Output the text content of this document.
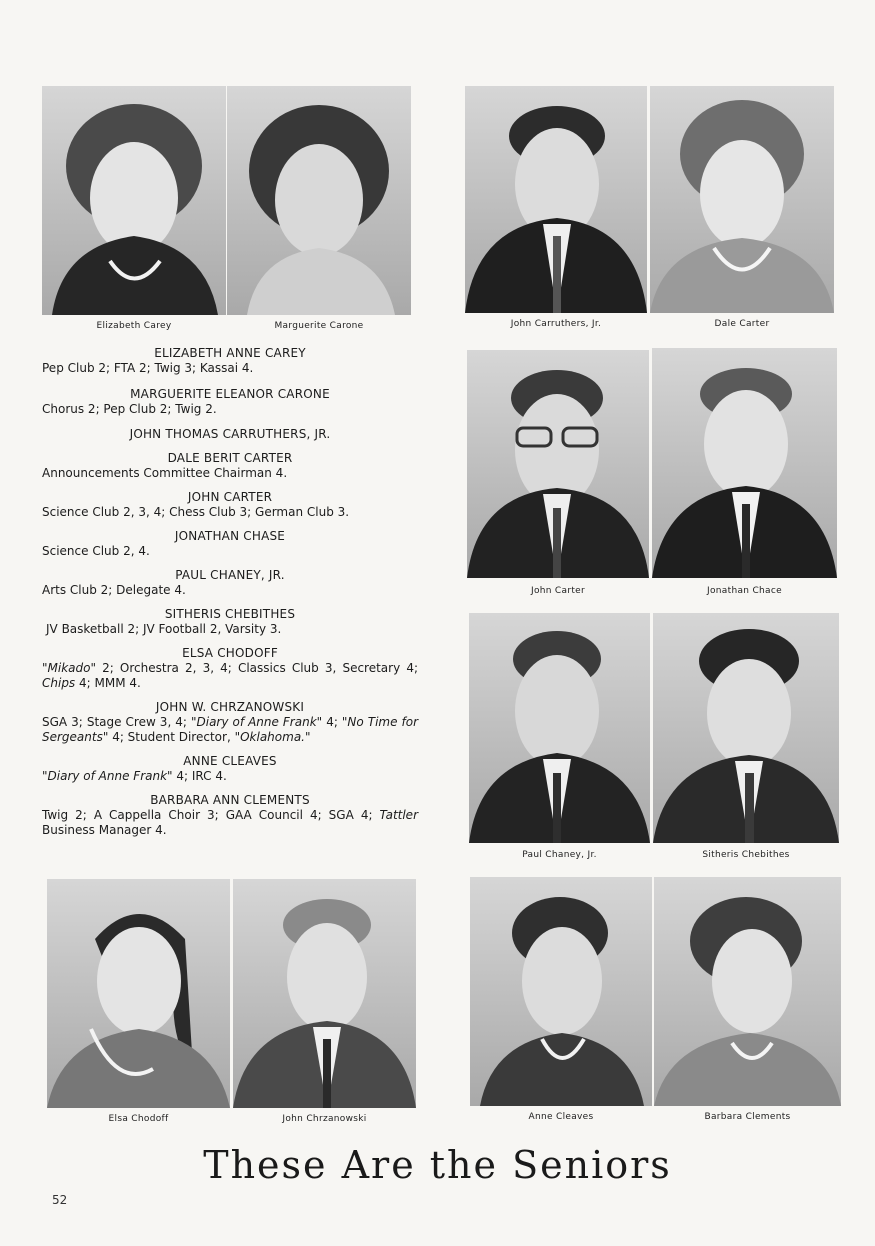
Elizabeth Carey	Marguerite Carone	John Carruthers, Jr.	Dale Carter
John Carter	Jonathan Chace
Paul Chaney, Jr.	Sitheris Chebithes
Elsa Chodoff	John Chrzanowski	Anne Cleaves	Barbara Clements
ELIZABETH ANNE CAREY
Pep Club 2; FTA 2; Twig 3; Kassai 4.
MARGUERITE ELEANOR CARONE
Chorus 2; Pep Club 2; Twig 2.
JOHN THOMAS CARRUTHERS, JR.
DALE BERIT CARTER
Announcements Committee Chairman 4.
JOHN CARTER
Science Club 2, 3, 4; Chess Club 3; German Club 3.
JONATHAN CHASE
Science Club 2, 4.
PAUL CHANEY, JR.
Arts Club 2; Delegate 4.
SITHERIS CHEBITHES
JV Basketball 2; JV Football 2, Varsity 3.
ELSA CHODOFF
"Mikado" 2; Orchestra 2, 3, 4; Classics Club 3, Secretary 4; Chips 4; MMM 4.
JOHN W. CHRZANOWSKI
SGA 3; Stage Crew 3, 4; "Diary of Anne Frank" 4; "No Time for Sergeants" 4; Student Director, "Oklahoma."
ANNE CLEAVES
"Diary of Anne Frank" 4; IRC 4.
BARBARA ANN CLEMENTS
Twig 2; A Cappella Choir 3; GAA Council 4; SGA 4; Tattler Business Manager 4.
These Are the Seniors
52
